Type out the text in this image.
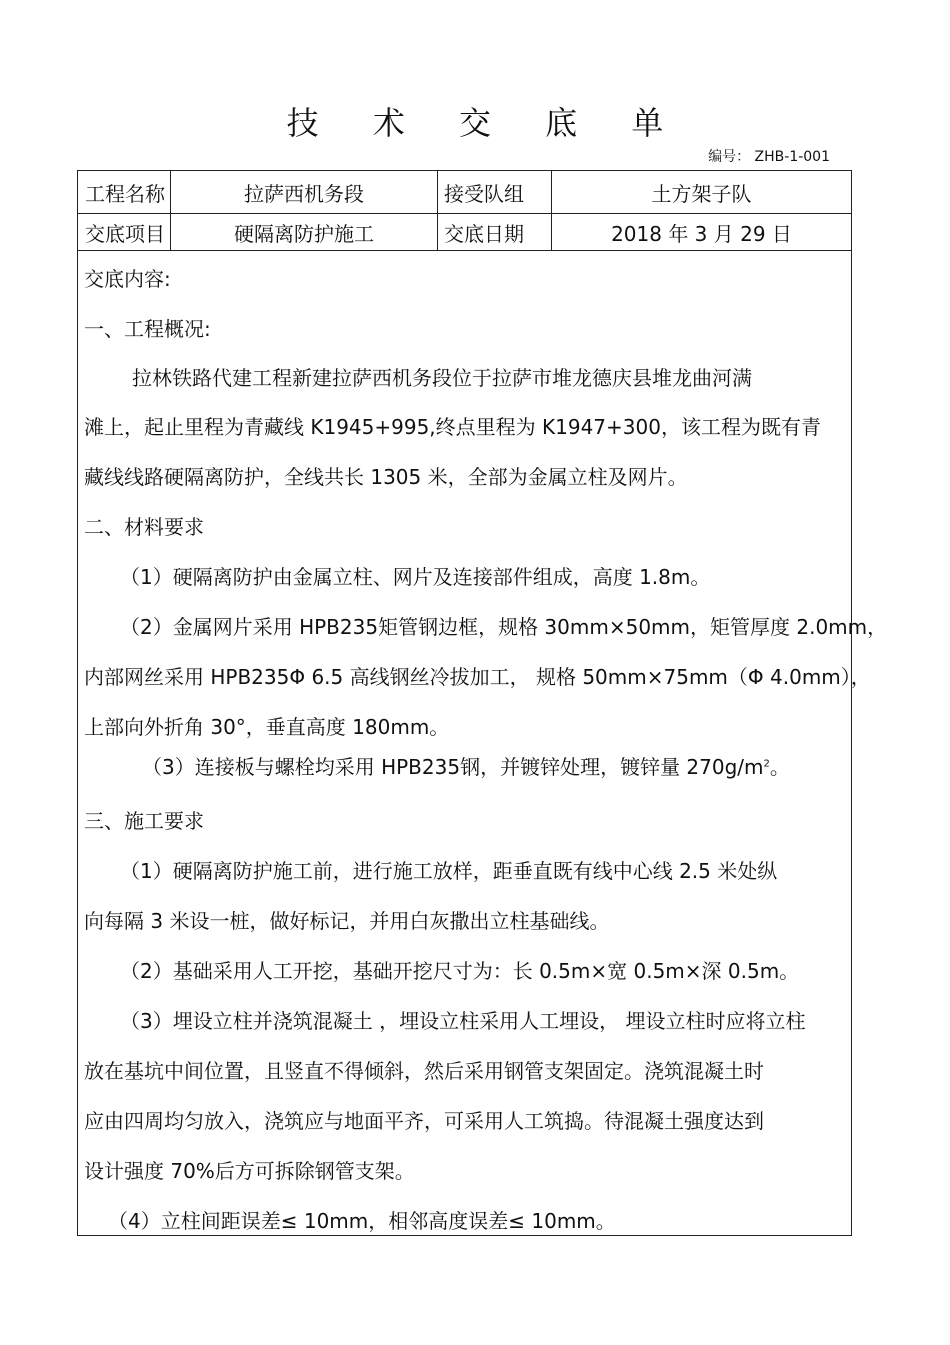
技 术 交 底 单
编号： ZHB-1-001
工程名称	拉萨西机务段	接受队组	土方架子队
交底项目	硬隔离防护施工	交底日期	2018 年 3 月 29 日
交底内容:
一、工程概况:
拉林铁路代建工程新建拉萨西机务段位于拉萨市堆龙德庆县堆龙曲河满
滩上，起止里程为青藏线 K1945+995,终点里程为 K1947+300，该工程为既有青
藏线线路硬隔离防护，全线共长 1305 米，全部为金属立柱及网片。
二、材料要求
（1）硬隔离防护由金属立柱、网片及连接部件组成，高度 1.8m。
（2）金属网片采用 HPB235矩管钢边框，规格 30mm×50mm，矩管厚度 2.0mm，
内部网丝采用 HPB235Φ 6.5 高线钢丝冷拔加工， 规格 50mm×75mm（Φ 4.0mm），
上部向外折角 30°，垂直高度 180mm。
（3）连接板与螺栓均采用 HPB235钢，并镀锌处理，镀锌量 $270g/m^2$。
三、施工要求
（1）硬隔离防护施工前，进行施工放样，距垂直既有线中心线 2.5 米处纵
向每隔 3 米设一桩，做好标记，并用白灰撒出立柱基础线。
（2）基础采用人工开挖，基础开挖尺寸为：长 0.5m×宽 0.5m×深 0.5m。
（3）埋设立柱并浇筑混凝土 ，埋设立柱采用人工埋设， 埋设立柱时应将立柱
放在基坑中间位置，且竖直不得倾斜，然后采用钢管支架固定。浇筑混凝土时
应由四周均匀放入，浇筑应与地面平齐，可采用人工筑捣。待混凝土强度达到
设计强度 70%后方可拆除钢管支架。
（4）立柱间距误差≤ 10mm，相邻高度误差≤ 10mm。
